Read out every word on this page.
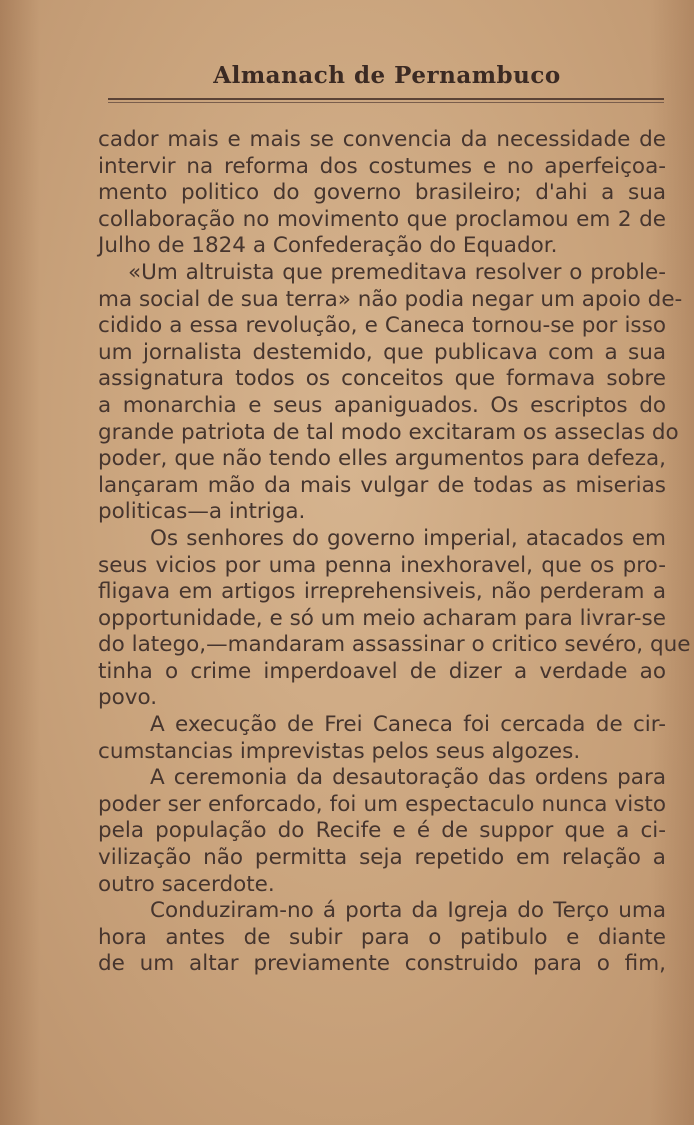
Almanach de Pernambuco
cador mais e mais se convencia da necessidade de
intervir na reforma dos costumes e no aperfeiçoa-
mento politico do governo brasileiro; d'ahi a sua
collaboração no movimento que proclamou em 2 de
Julho de 1824 a Confederação do Equador.
«Um altruista que premeditava resolver o proble-
ma social de sua terra» não podia negar um apoio de-
cidido a essa revolução, e Caneca tornou-se por isso
um jornalista destemido, que publicava com a sua
assignatura todos os conceitos que formava sobre
a monarchia e seus apaniguados. Os escriptos do
grande patriota de tal modo excitaram os asseclas do
poder, que não tendo elles argumentos para defeza,
lançaram mão da mais vulgar de todas as miserias
politicas—a intriga.
Os senhores do governo imperial, atacados em
seus vicios por uma penna inexhoravel, que os pro-
fligava em artigos irreprehensiveis, não perderam a
opportunidade, e só um meio acharam para livrar-se
do latego,—mandaram assassinar o critico sevéro, que
tinha o crime imperdoavel de dizer a verdade ao
povo.
A execução de Frei Caneca foi cercada de cir-
cumstancias imprevistas pelos seus algozes.
A ceremonia da desautoração das ordens para
poder ser enforcado, foi um espectaculo nunca visto
pela população do Recife e é de suppor que a ci-
vilização não permitta seja repetido em relação a
outro sacerdote.
Conduziram-no á porta da Igreja do Terço uma
hora antes de subir para o patibulo e diante
de um altar previamente construido para o fim,
